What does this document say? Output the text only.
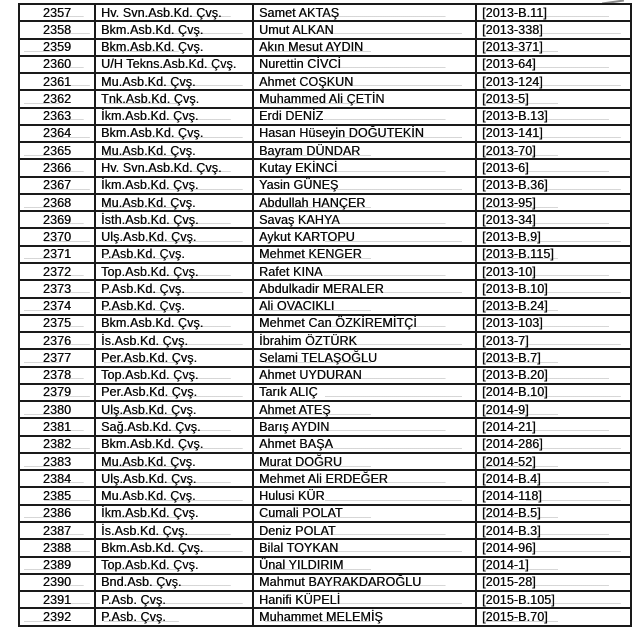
2357	Hv. Svn.Asb.Kd. Çvş.	Samet AKTAŞ	[2013-B.11]
2358	Bkm.Asb.Kd. Çvş.	Umut ALKAN	[2013-338]
2359	Bkm.Asb.Kd. Çvş.	Akın Mesut AYDIN	[2013-371]
2360	U/H Tekns.Asb.Kd. Çvş.	Nurettin CİVCİ	[2013-64]
2361	Mu.Asb.Kd. Çvş.	Ahmet COŞKUN	[2013-124]
2362	Tnk.Asb.Kd. Çvş.	Muhammed Ali ÇETİN	[2013-5]
2363	İkm.Asb.Kd. Çvş.	Erdi DENİZ	[2013-B.13]
2364	Bkm.Asb.Kd. Çvş.	Hasan Hüseyin DOĞUTEKİN	[2013-141]
2365	Mu.Asb.Kd. Çvş.	Bayram DÜNDAR	[2013-70]
2366	Hv. Svn.Asb.Kd. Çvş.	Kutay EKİNCİ	[2013-6]
2367	İkm.Asb.Kd. Çvş.	Yasin GÜNEŞ	[2013-B.36]
2368	Mu.Asb.Kd. Çvş.	Abdullah HANÇER	[2013-95]
2369	İsth.Asb.Kd. Çvş.	Savaş KAHYA	[2013-34]
2370	Ulş.Asb.Kd. Çvş.	Aykut KARTOPU	[2013-B.9]
2371	P.Asb.Kd. Çvş.	Mehmet KENGER	[2013-B.115]
2372	Top.Asb.Kd. Çvş.	Rafet KINA	[2013-10]
2373	P.Asb.Kd. Çvş.	Abdulkadir MERALER	[2013-B.10]
2374	P.Asb.Kd. Çvş.	Ali OVACIKLI	[2013-B.24]
2375	Bkm.Asb.Kd. Çvş.	Mehmet Can ÖZKİREMİTÇİ	[2013-103]
2376	İs.Asb.Kd. Çvş.	İbrahim ÖZTÜRK	[2013-7]
2377	Per.Asb.Kd. Çvş.	Selami TELAŞOĞLU	[2013-B.7]
2378	Top.Asb.Kd. Çvş.	Ahmet UYDURAN	[2013-B.20]
2379	Per.Asb.Kd. Çvş.	Tarık ALIÇ	[2014-B.10]
2380	Ulş.Asb.Kd. Çvş.	Ahmet ATEŞ	[2014-9]
2381	Sağ.Asb.Kd. Çvş.	Barış AYDIN	[2014-21]
2382	Bkm.Asb.Kd. Çvş.	Ahmet BAŞA	[2014-286]
2383	Mu.Asb.Kd. Çvş.	Murat DOĞRU	[2014-52]
2384	Ulş.Asb.Kd. Çvş.	Mehmet Ali ERDEĞER	[2014-B.4]
2385	Mu.Asb.Kd. Çvş.	Hulusi KÜR	[2014-118]
2386	İkm.Asb.Kd. Çvş.	Cumali POLAT	[2014-B.5]
2387	İs.Asb.Kd. Çvş.	Deniz POLAT	[2014-B.3]
2388	Bkm.Asb.Kd. Çvş.	Bilal TOYKAN	[2014-96]
2389	Top.Asb.Kd. Çvş.	Ünal YILDIRIM	[2014-1]
2390	Bnd.Asb. Çvş.	Mahmut BAYRAKDAROĞLU	[2015-28]
2391	P.Asb. Çvş.	Hanifi KÜPELİ	[2015-B.105]
2392	P.Asb. Çvş.	Muhammet MELEMİŞ	[2015-B.70]
